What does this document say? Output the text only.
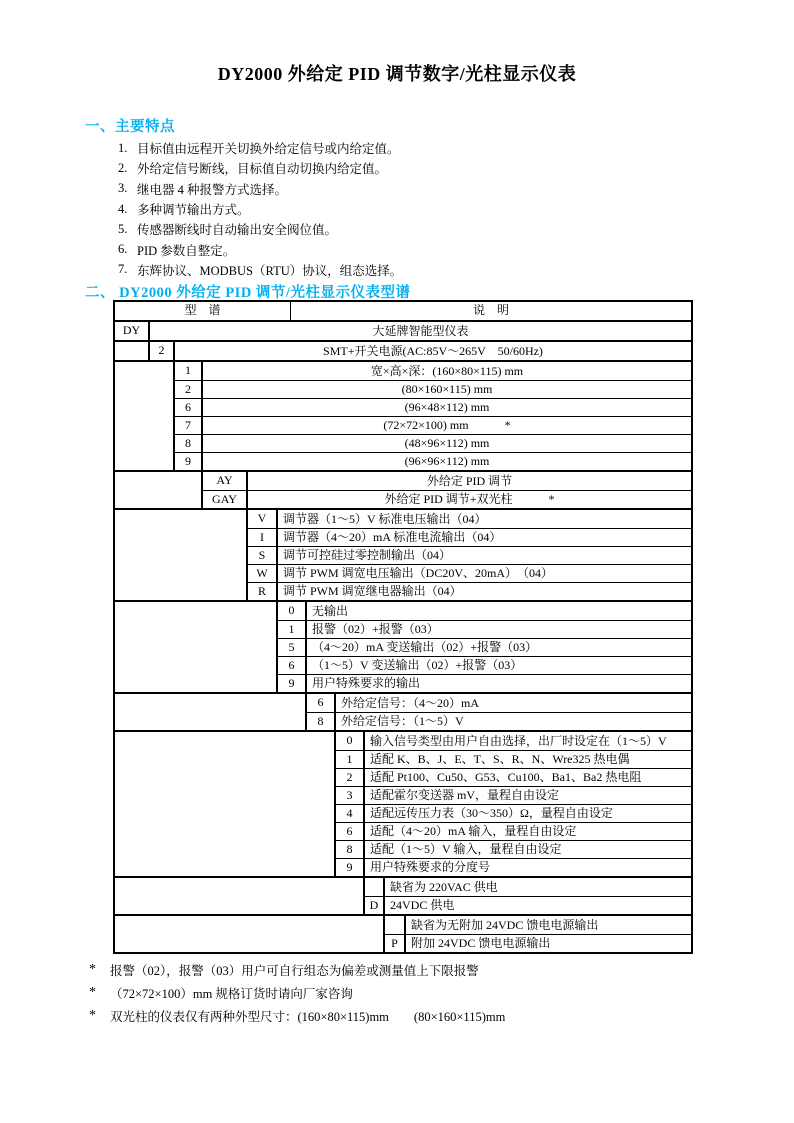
DY2000 外给定 PID 调节数字/光柱显示仪表
一、主要特点
1. 目标值由远程开关切换外给定信号或内给定值。
2. 外给定信号断线，目标值自动切换内给定值。
3. 继电器 4 种报警方式选择。
4. 多种调节输出方式。
5. 传感器断线时自动输出安全阀位值。
6. PID 参数自整定。
7. 东辉协议、MODBUS（RTU）协议，组态选择。
二、 DY2000 外给定 PID 调节/光柱显示仪表型谱
型　谱	说　明
DY	大延牌智能型仪表
2	SMT+开关电源(AC:85V～265V　50/60Hz)
1	宽×高×深：(160×80×115) mm
2	(80×160×115) mm
6	(96×48×112) mm
7	(72×72×100) mm　　　*
8	(48×96×112) mm
9	(96×96×112) mm
AY	外给定 PID 调节
GAY	外给定 PID 调节+双光柱　　　*
V	调节器（1～5）V 标准电压输出（04）
I	调节器（4～20）mA 标准电流输出（04）
S	调节可控硅过零控制输出（04）
W	调节 PWM 调宽电压输出（DC20V、20mA）　（04）
R	调节 PWM 调宽继电器输出（04）
0	无输出
1	报警（02）+报警（03）
5	（4～20）mA 变送输出（02）+报警（03）
6	（1～5）V 变送输出（02）+报警（03）
9	用户特殊要求的输出
6	外给定信号：（4～20）mA
8	外给定信号：（1～5）V
0	输入信号类型由用户自由选择，出厂时设定在（1～5）V
1	适配 K、B、J、E、T、S、R、N、Wre325 热电偶
2	适配 Pt100、Cu50、G53、Cu100、Ba1、Ba2 热电阻
3	适配霍尔变送器 mV，量程自由设定
4	适配远传压力表（30～350）Ω，量程自由设定
6	适配（4～20）mA 输入，量程自由设定
8	适配（1～5）V 输入，量程自由设定
9	用户特殊要求的分度号
缺省为 220VAC 供电
D 24VDC 供电
缺省为无附加 24VDC 馈电电源输出
P	附加 24VDC 馈电电源输出
*	报警（02），报警（03）用户可自行组态为偏差或测量值上下限报警
*	（72×72×100）mm 规格订货时请向厂家咨询
*	双光柱的仪表仅有两种外型尺寸：(160×80×115)mm　　(80×160×115)mm
